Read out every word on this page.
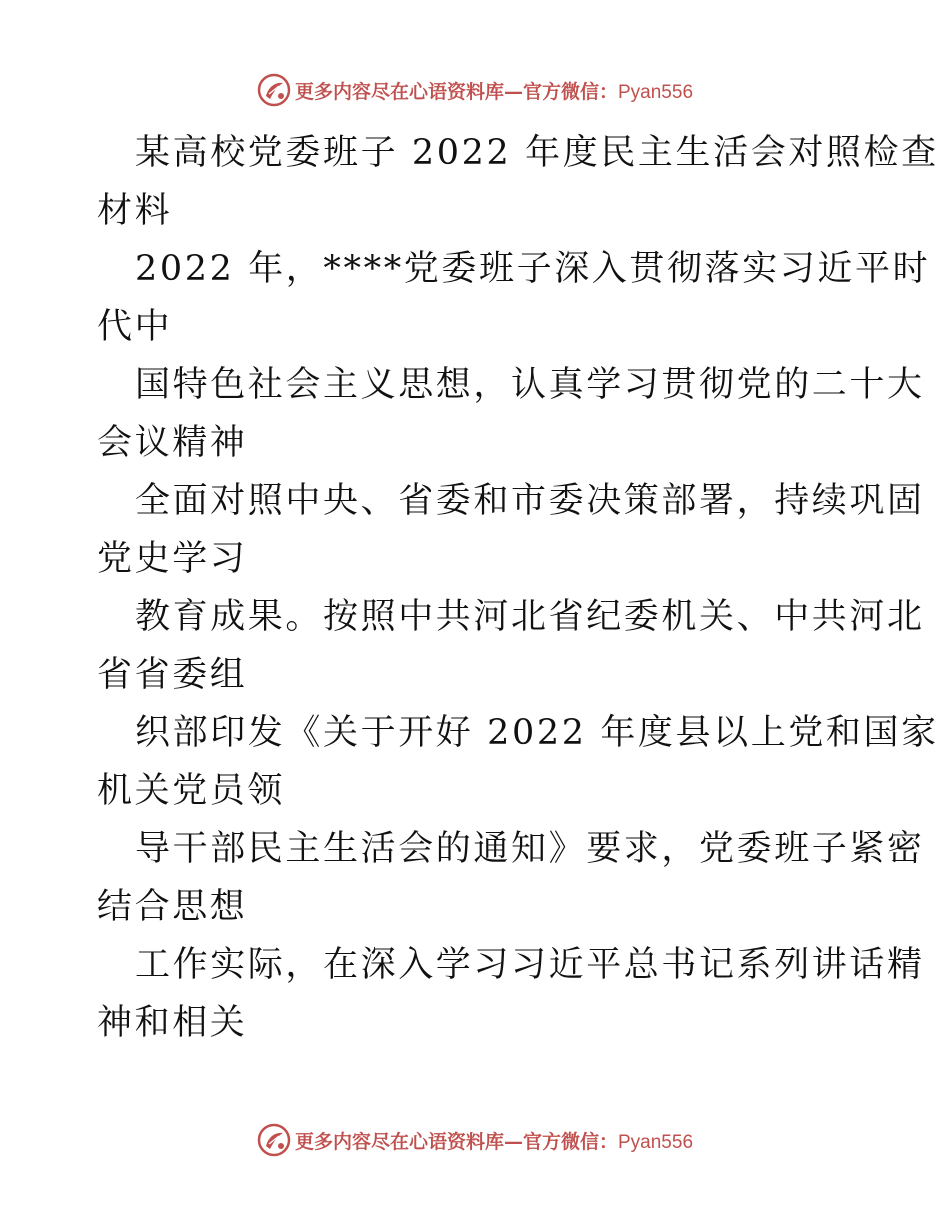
更多内容尽在心语资料库—官方微信：Pyan556
某高校党委班子 2022 年度民主生活会对照检查
材料
2022 年，****党委班子深入贯彻落实习近平时
代中
国特色社会主义思想，认真学习贯彻党的二十大
会议精神
全面对照中央、省委和市委决策部署，持续巩固
党史学习
教育成果。按照中共河北省纪委机关、中共河北
省省委组
织部印发《关于开好 2022 年度县以上党和国家
机关党员领
导干部民主生活会的通知》要求，党委班子紧密
结合思想
工作实际，在深入学习习近平总书记系列讲话精
神和相关
更多内容尽在心语资料库—官方微信：Pyan556
